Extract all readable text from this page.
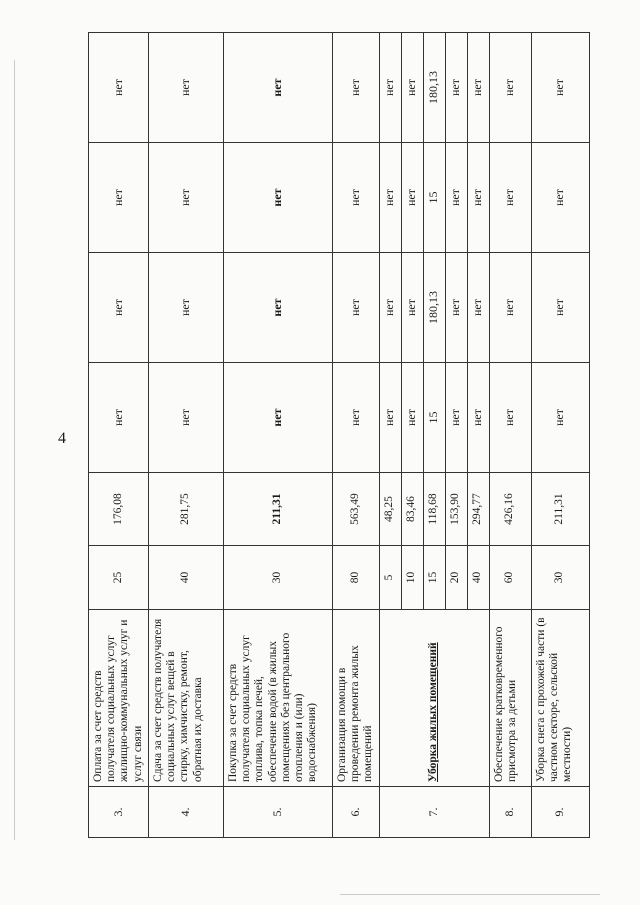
4
3.	Оплата за счет средств получателя социальных услуг жилищно-коммунальных услуг и услуг связи	25	176,08	нет	нет	нет	нет
4.	Сдача за счет средств получателя социальных услуг вещей в стирку, химчистку, ремонт, обратная их доставка	40	281,75	нет	нет	нет	нет
5.	Покупка за счет средств получателя социальных услуг топлива, топка печей, обеспечение водой (в жилых помещениях без центрального отопления и (или) водоснабжения)	30	211,31	нет	нет	нет	нет
6.	Организация помощи в проведении ремонта жилых помещений	80	563,49	нет	нет	нет	нет
7.	Уборка жилых помещений	5	48,25	нет	нет	нет	нет
		10	83,46	нет	нет	нет	нет
		15	118,68	15	180,13	15	180,13
		20	153,90	нет	нет	нет	нет
		40	294,77	нет	нет	нет	нет
8.	Обеспечение кратковременного присмотра за детьми	60	426,16	нет	нет	нет	нет
9.	Уборка снега с прохожей части (в частном секторе, сельской местности)	30	211,31	нет	нет	нет	нет
